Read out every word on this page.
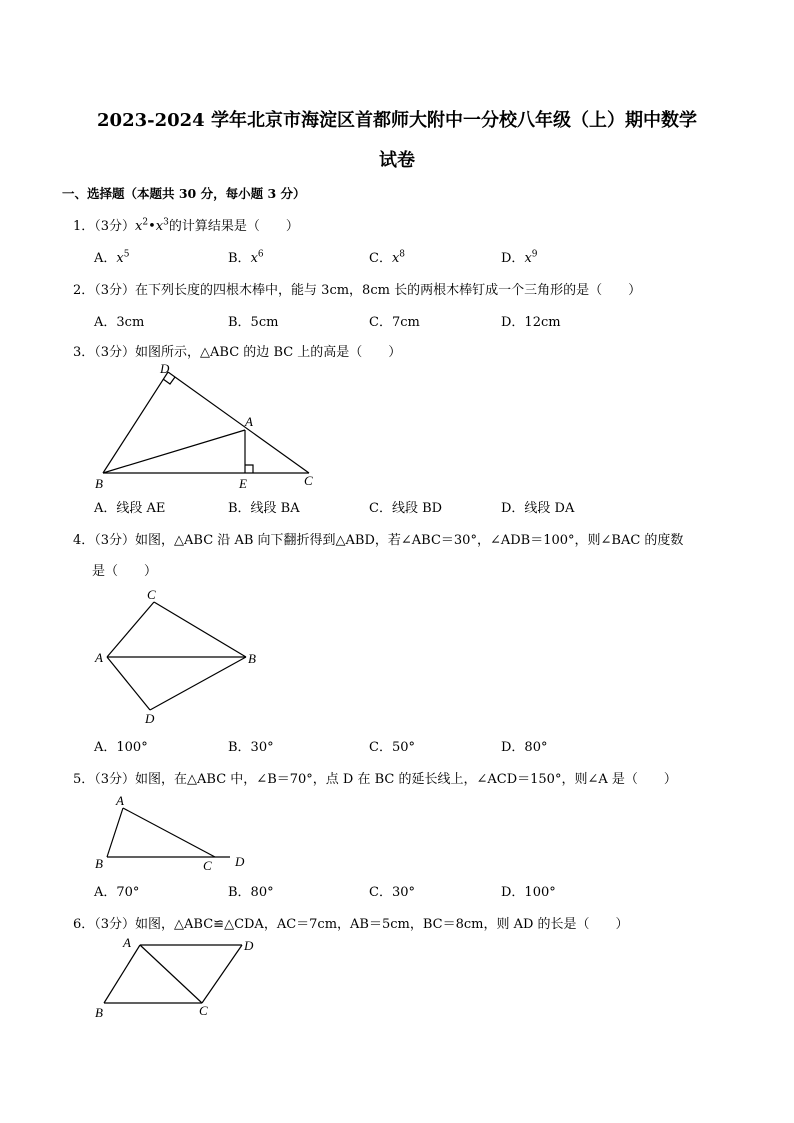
2023-2024 学年北京市海淀区首都师大附中一分校八年级（上）期中数学
试卷
一、选择题（本题共 30 分，每小题 3 分）
1．（3分）$x^2•x^3$的计算结果是（　　）
A．$x^5$	B．$x^6$	C．$x^8$	D．$x^9$
2．（3分）在下列长度的四根木棒中，能与 3cm，8cm 长的两根木棒钉成一个三角形的是（　　）
A．3cm	B．5cm	C．7cm	D．12cm
3．（3分）如图所示，△ABC 的边 BC 上的高是（　　）
D
A
B	E	C
A．线段 AE	B．线段 BA	C．线段 BD	D．线段 DA
4．（3分）如图，△ABC 沿 AB 向下翻折得到△ABD，若∠ABC＝30°，∠ADB＝100°，则∠BAC 的度数
是（　　）
C
A	B
D
A．100°	B．30°	C．50°	D．80°
5．（3分）如图，在△ABC 中，∠B＝70°，点 D 在 BC 的延长线上，∠ACD＝150°，则∠A 是（　　）
A
B	C D
A．70°	B．80°	C．30°	D．100°
6．（3分）如图，△ABC≌△CDA，AC＝7cm，AB＝5cm，BC＝8cm，则 AD 的长是（　　）
A	D
B	C
